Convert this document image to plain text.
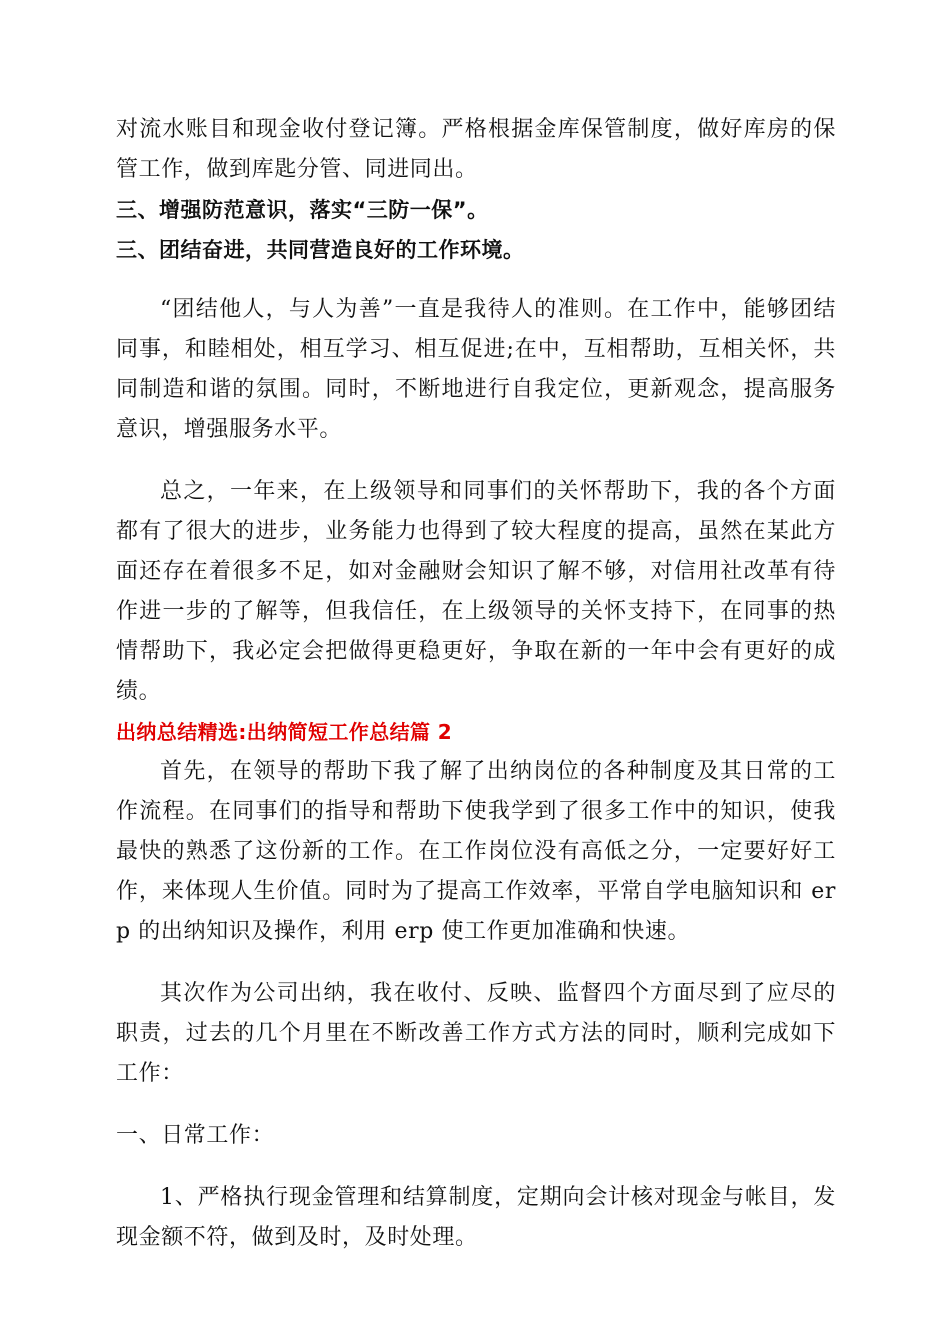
对流水账目和现金收付登记簿。严格根据金库保管制度，做好库房的保管工作，做到库匙分管、同进同出。

三、增强防范意识，落实“三防一保”。

三、团结奋进，共同营造良好的工作环境。

“团结他人，与人为善”一直是我待人的准则。在工作中，能够团结同事，和睦相处，相互学习、相互促进;在中，互相帮助，互相关怀，共同制造和谐的氛围。同时，不断地进行自我定位，更新观念，提高服务意识，增强服务水平。

总之，一年来，在上级领导和同事们的关怀帮助下，我的各个方面都有了很大的进步，业务能力也得到了较大程度的提高，虽然在某此方面还存在着很多不足，如对金融财会知识了解不够，对信用社改革有待作进一步的了解等，但我信任，在上级领导的关怀支持下，在同事的热情帮助下，我必定会把做得更稳更好，争取在新的一年中会有更好的成绩。

出纳总结精选:出纳简短工作总结篇 2

首先，在领导的帮助下我了解了出纳岗位的各种制度及其日常的工作流程。在同事们的指导和帮助下使我学到了很多工作中的知识，使我最快的熟悉了这份新的工作。在工作岗位没有高低之分，一定要好好工作，来体现人生价值。同时为了提高工作效率，平常自学电脑知识和 erp 的出纳知识及操作，利用 erp 使工作更加准确和快速。

其次作为公司出纳，我在收付、反映、监督四个方面尽到了应尽的职责，过去的几个月里在不断改善工作方式方法的同时，顺利完成如下工作：

一、日常工作：

1、严格执行现金管理和结算制度，定期向会计核对现金与帐目，发现金额不符，做到及时，及时处理。
